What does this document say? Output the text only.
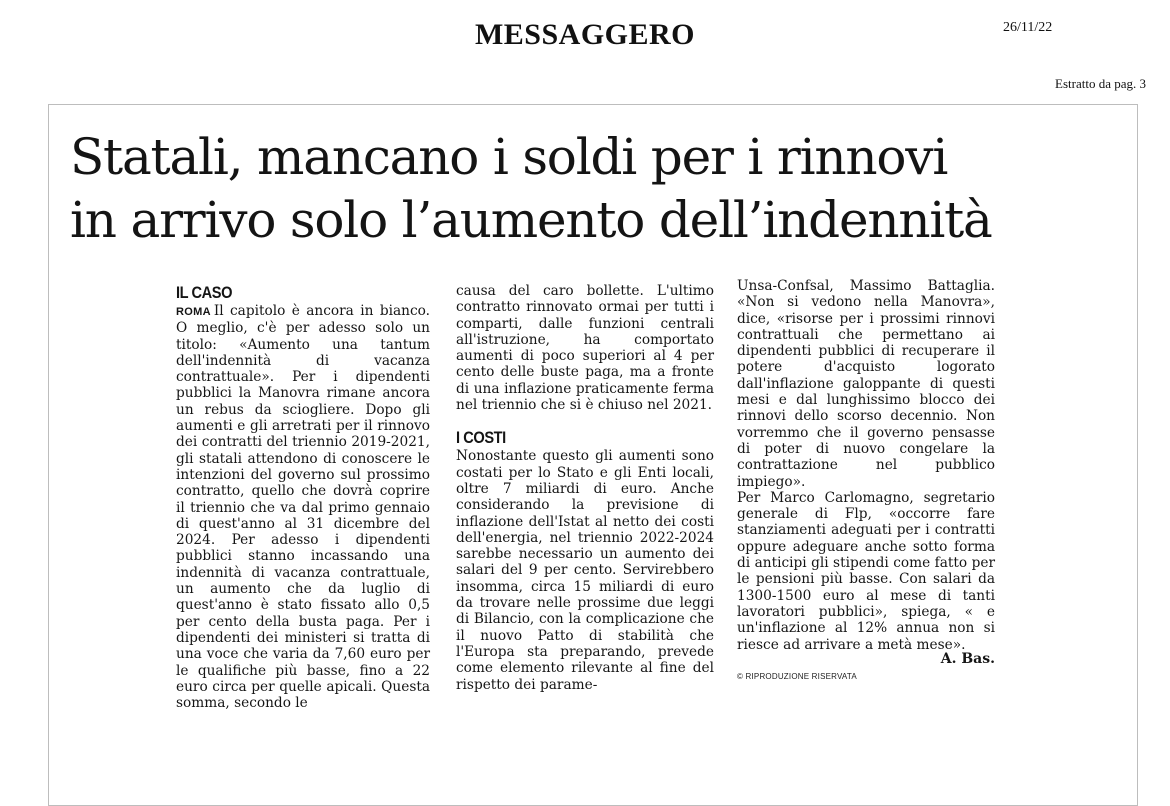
MESSAGGERO	26/11/22
Estratto da pag. 3
Statali, mancano i soldi per i rinnovi
in arrivo solo l’aumento dell’indennità
IL CASO

ROMA Il capitolo è ancora in bianco. O meglio, c'è per adesso solo un titolo: «Aumento una tantum dell'indennità di vacanza contrattuale». Per i dipendenti pubblici la Manovra rimane ancora un rebus da sciogliere. Dopo gli aumenti e gli arretrati per il rinnovo dei contratti del triennio 2019-2021, gli statali attendono di conoscere le intenzioni del governo sul prossimo contratto, quello che dovrà coprire il triennio che va dal primo gennaio di quest'anno al 31 dicembre del 2024. Per adesso i dipendenti pubblici stanno incassando una indennità di vacanza contrattuale, un aumento che da luglio di quest'anno è stato fissato allo 0,5 per cento della busta paga. Per i dipendenti dei ministeri si tratta di una voce che varia da 7,60 euro per le qualifiche più basse, fino a 22 euro circa per quelle apicali. Questa somma, secondo le

causa del caro bollette. L'ultimo contratto rinnovato ormai per tutti i comparti, dalle funzioni centrali all'istruzione, ha comportato aumenti di poco superiori al 4 per cento delle buste paga, ma a fronte di una inflazione praticamente ferma nel triennio che si è chiuso nel 2021.

I COSTI

Nonostante questo gli aumenti sono costati per lo Stato e gli Enti locali, oltre 7 miliardi di euro. Anche considerando la previsione di inflazione dell'Istat al netto dei costi dell'energia, nel triennio 2022-2024 sarebbe necessario un aumento dei salari del 9 per cento. Servirebbero insomma, circa 15 miliardi di euro da trovare nelle prossime due leggi di Bilancio, con la complicazione che il nuovo Patto di stabilità che l'Europa sta preparando, prevede come elemento rilevante al fine del rispetto dei parame-

Unsa-Confsal, Massimo Battaglia. «Non si vedono nella Manovra», dice, «risorse per i prossimi rinnovi contrattuali che permettano ai dipendenti pubblici di recuperare il potere d'acquisto logorato dall'inflazione galoppante di questi mesi e dal lunghissimo blocco dei rinnovi dello scorso decennio. Non vorremmo che il governo pensasse di poter di nuovo congelare la contrattazione nel pubblico impiego».

Per Marco Carlomagno, segretario generale di Flp, «occorre fare stanziamenti adeguati per i contratti oppure adeguare anche sotto forma di anticipi gli stipendi come fatto per le pensioni più basse. Con salari da 1300-1500 euro al mese di tanti lavoratori pubblici», spiega, « e un'inflazione al 12% annua non si riesce ad arrivare a metà mese».

A. Bas.
© RIPRODUZIONE RISERVATA
